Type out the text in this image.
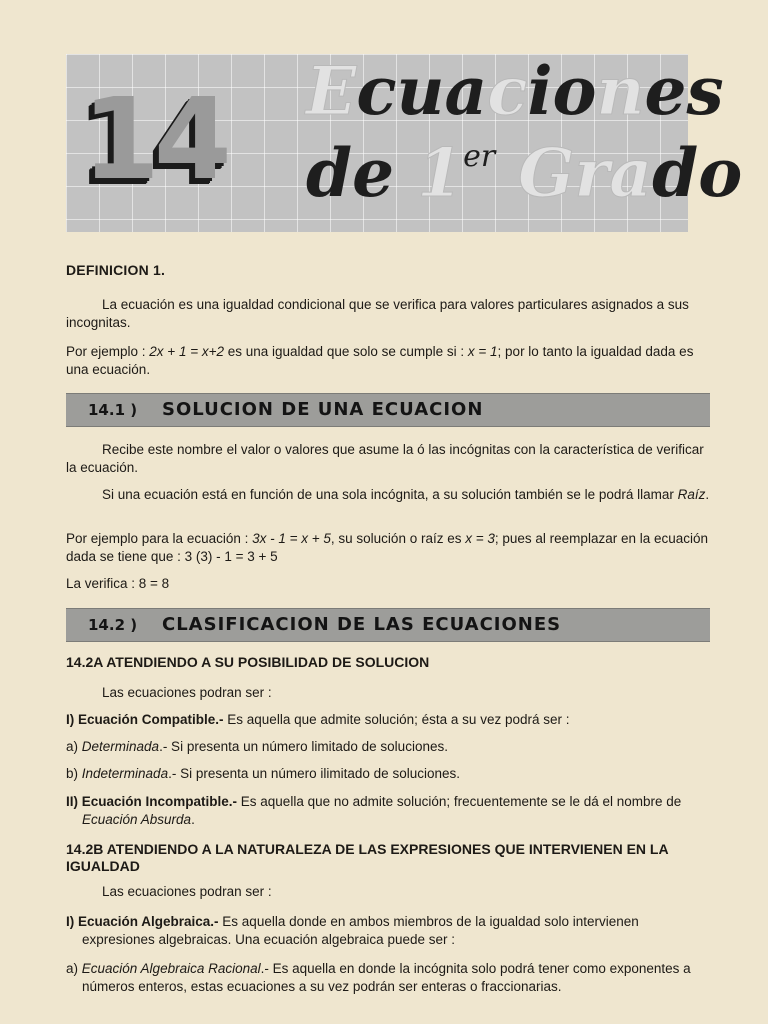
14 Ecuaciones
de 1er Grado
DEFINICION 1.

La ecuación es una igualdad condicional que se verifica para valores particulares asignados a sus incognitas.

Por ejemplo : 2x + 1 = x+2 es una igualdad que solo se cumple si : x = 1; por lo tanto la igualdad dada es una ecuación.

14.1 ) SOLUCION DE UNA ECUACION

Recibe este nombre el valor o valores que asume la ó las incógnitas con la característica de verificar la ecuación.

Si una ecuación está en función de una sola incógnita, a su solución también se le podrá llamar Raíz.

Por ejemplo para la ecuación : 3x - 1 = x + 5, su solución o raíz es x = 3; pues al reemplazar en la ecuación dada se tiene que : 3 (3) - 1 = 3 + 5

La verifica : 8 = 8

14.2 ) CLASIFICACION DE LAS ECUACIONES
14.2A ATENDIENDO A SU POSIBILIDAD DE SOLUCION

Las ecuaciones podran ser :

I) Ecuación Compatible.- Es aquella que admite solución; ésta a su vez podrá ser :

a) Determinada.- Si presenta un número limitado de soluciones.

b) Indeterminada.- Si presenta un número ilimitado de soluciones.

II) Ecuación Incompatible.- Es aquella que no admite solución; frecuentemente se le dá el nombre de Ecuación Absurda.

14.2B ATENDIENDO A LA NATURALEZA DE LAS EXPRESIONES QUE INTERVIENEN EN LA IGUALDAD

Las ecuaciones podran ser :

I) Ecuación Algebraica.- Es aquella donde en ambos miembros de la igualdad solo intervienen expresiones algebraicas. Una ecuación algebraica puede ser :

a) Ecuación Algebraica Racional.- Es aquella en donde la incógnita solo podrá tener como exponentes a números enteros, estas ecuaciones a su vez podrán ser enteras o fraccionarias.
